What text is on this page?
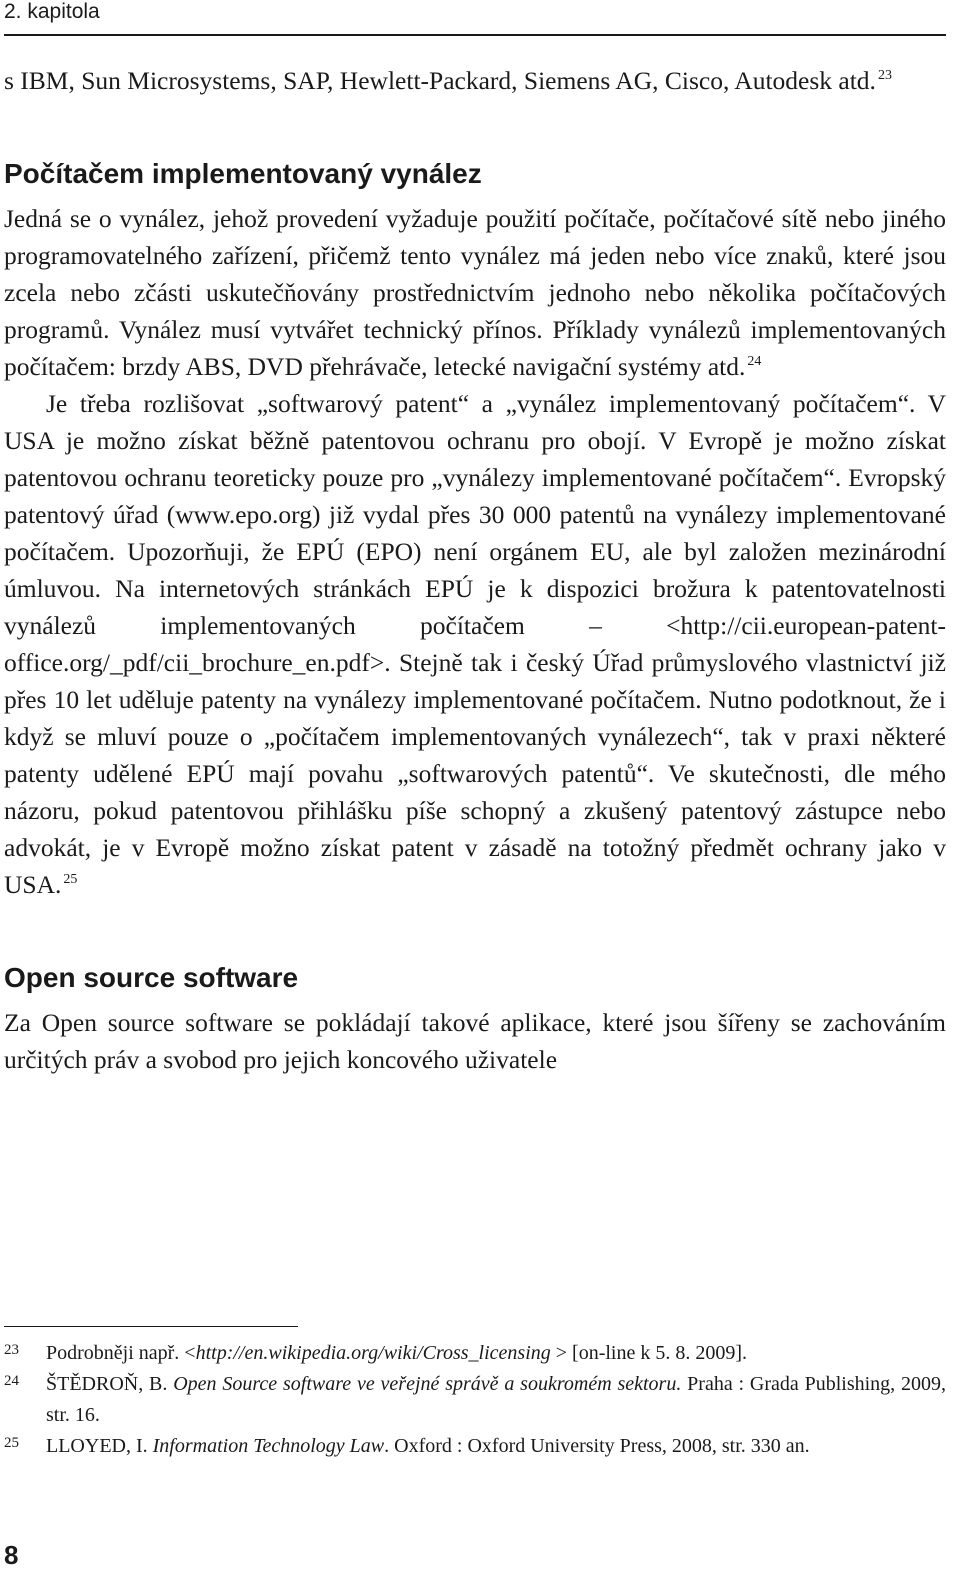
2. kapitola

s IBM, Sun Microsystems, SAP, Hewlett-Packard, Siemens AG, Cisco, Autodesk atd. $^{23}$

Počítačem implementovaný vynález

Jedná se o vynález, jehož provedení vyžaduje použití počítače, počítačové sítě nebo jiného programovatelného zařízení, přičemž tento vynález má jeden nebo více znaků, které jsou zcela nebo zčásti uskutečňovány prostřednictvím jednoho nebo několika počítačových programů. Vynález musí vytvářet technický přínos. Příklady vynálezů implementovaných počítačem: brzdy ABS, DVD přehrávače, letecké navigační systémy atd. $^{24}$

Je třeba rozlišovat „softwarový patent“ a „vynález implementovaný počítačem“. V USA je možno získat běžně patentovou ochranu pro obojí. V Evropě je možno získat patentovou ochranu teoreticky pouze pro „vynálezy implementované počítačem“. Evropský patentový úřad (www.epo.org) již vydal přes 30 000 patentů na vynálezy implementované počítačem. Upozorňuji, že EPÚ (EPO) není orgánem EU, ale byl založen mezinárodní úmluvou. Na internetových stránkách EPÚ je k dispozici brožura k patentovatelnosti vynálezů implementovaných počítačem – <http://cii.european-patent-office.org/_pdf/cii_brochure_en.pdf>. Stejně tak i český Úřad průmyslového vlastnictví již přes 10 let uděluje patenty na vynálezy implementované počítačem. Nutno podotknout, že i když se mluví pouze o „počítačem implementovaných vynálezech“, tak v praxi některé patenty udělené EPÚ mají povahu „softwarových patentů“. Ve skutečnosti, dle mého názoru, pokud patentovou přihlášku píše schopný a zkušený patentový zástupce nebo advokát, je v Evropě možno získat patent v zásadě na totožný předmět ochrany jako v USA. $^{25}$

Open source software

Za Open source software se pokládají takové aplikace, které jsou šířeny se zachováním určitých práv a svobod pro jejich koncového uživatele

23 Podrobněji např. <http://en.wikipedia.org/wiki/Cross_licensing > [on-line k 5. 8. 2009].
24 ŠTĚDROŇ, B. Open Source software ve veřejné správě a soukromém sektoru. Praha : Grada Publishing, 2009, str. 16.
25 LLOYED, I. Information Technology Law. Oxford : Oxford University Press, 2008, str. 330 an.
8
